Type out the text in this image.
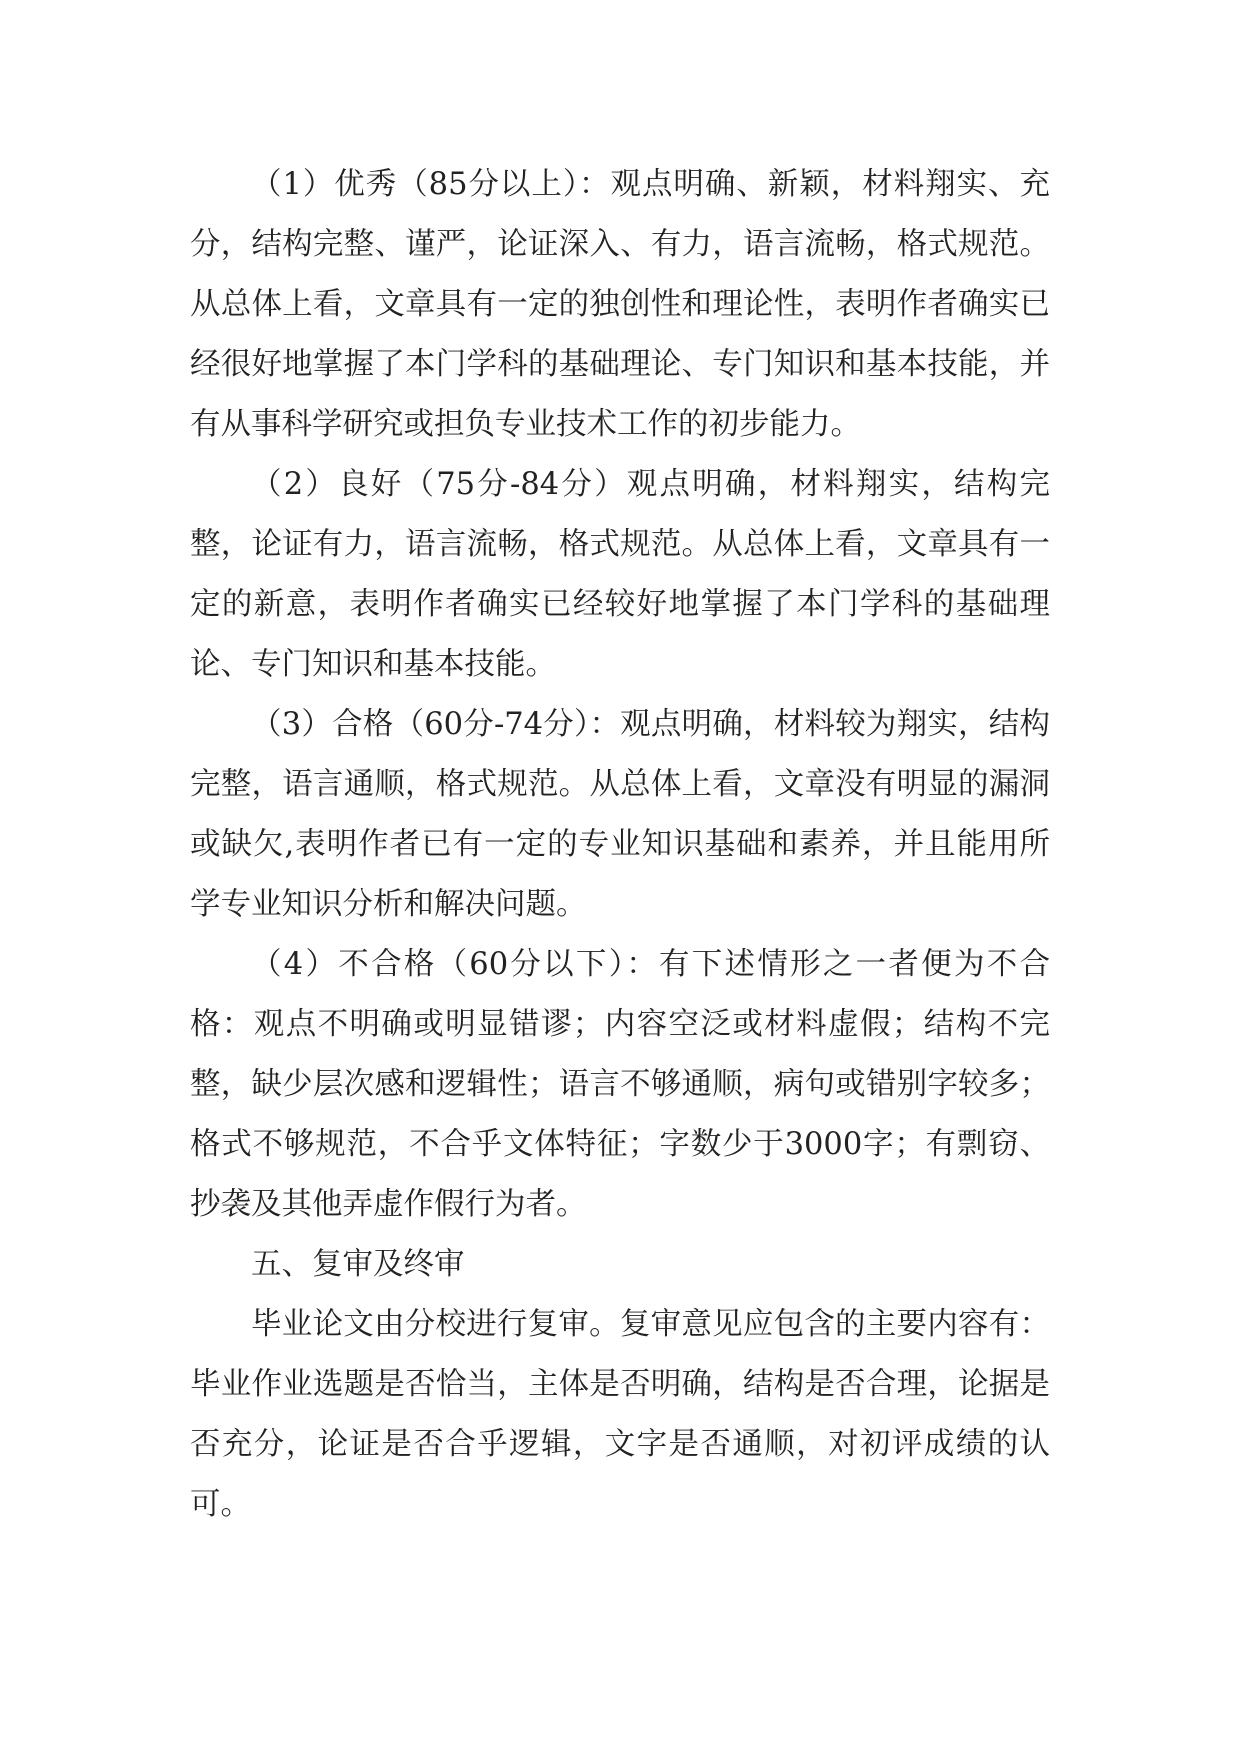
（1）优秀（85分以上）：观点明确、新颖，材料翔实、充分，结构完整、谨严，论证深入、有力，语言流畅，格式规范。从总体上看，文章具有一定的独创性和理论性，表明作者确实已经很好地掌握了本门学科的基础理论、专门知识和基本技能，并有从事科学研究或担负专业技术工作的初步能力。

（2）良好（75分-84分）观点明确，材料翔实，结构完整，论证有力，语言流畅，格式规范。从总体上看，文章具有一定的新意，表明作者确实已经较好地掌握了本门学科的基础理论、专门知识和基本技能。

（3）合格（60分-74分）：观点明确，材料较为翔实，结构完整，语言通顺，格式规范。从总体上看，文章没有明显的漏洞或缺欠,表明作者已有一定的专业知识基础和素养，并且能用所学专业知识分析和解决问题。

（4）不合格（60分以下）：有下述情形之一者便为不合格：观点不明确或明显错谬；内容空泛或材料虚假；结构不完整，缺少层次感和逻辑性；语言不够通顺，病句或错别字较多；格式不够规范，不合乎文体特征；字数少于3000字；有剽窃、抄袭及其他弄虚作假行为者。

五、复审及终审

毕业论文由分校进行复审。复审意见应包含的主要内容有：毕业作业选题是否恰当，主体是否明确，结构是否合理，论据是否充分，论证是否合乎逻辑，文字是否通顺，对初评成绩的认可。
